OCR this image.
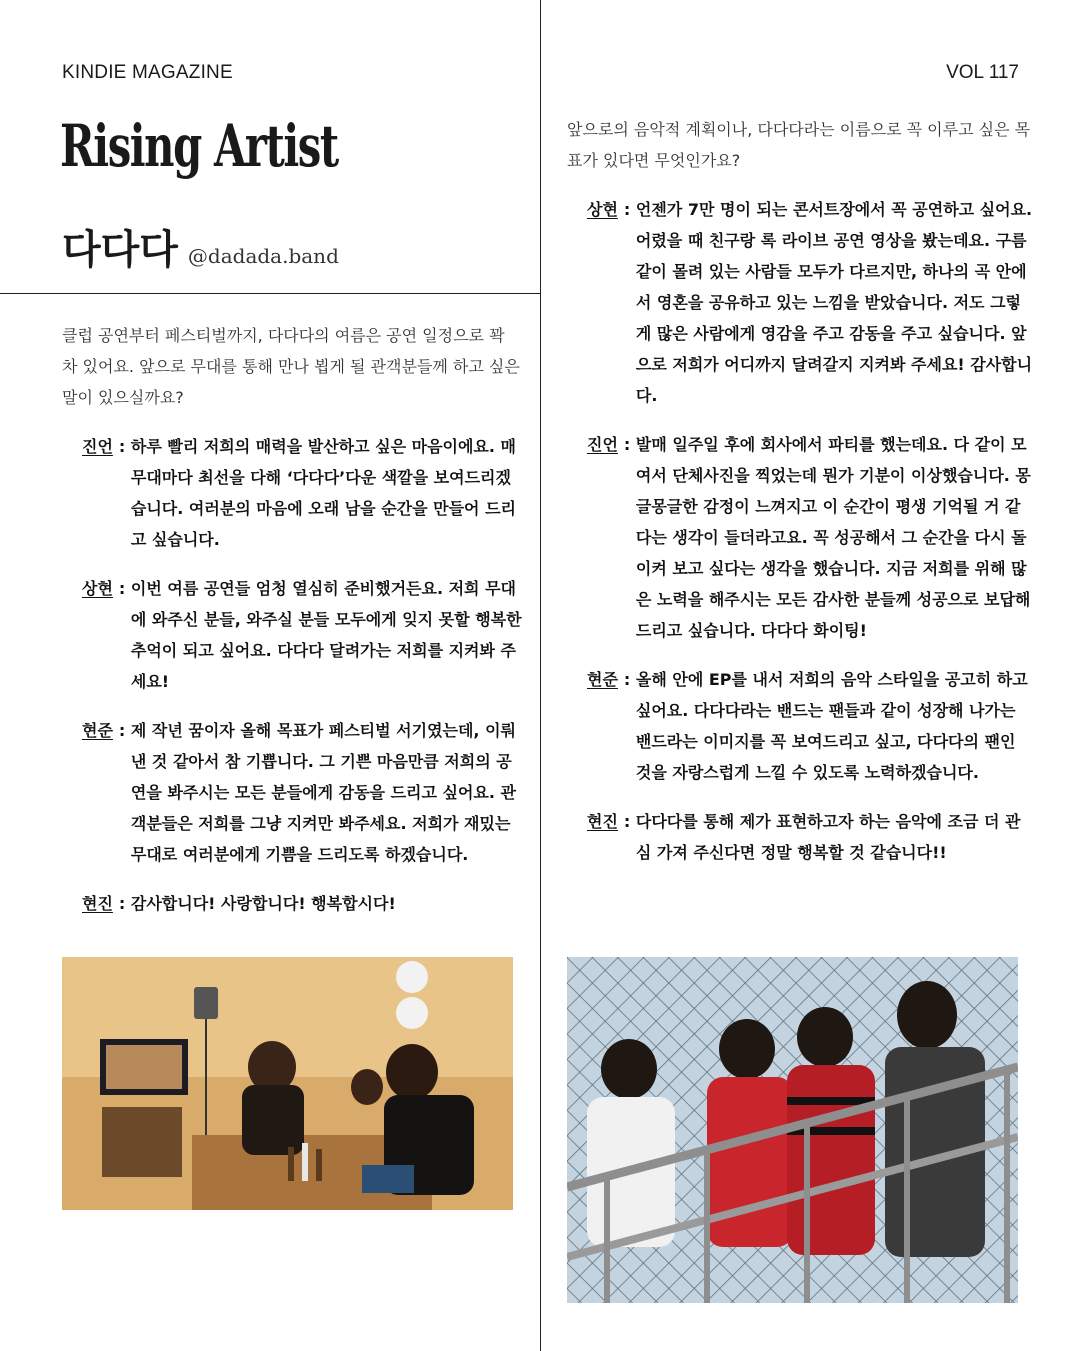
KINDIE MAGAZINE	VOL 117
Rising Artist
다다다 @dadada.band

클럽 공연부터 페스티벌까지, 다다다의 여름은 공연 일정으로 꽉 차 있어요. 앞으로 무대를 통해 만나 뵙게 될 관객분들께 하고 싶은 말이 있으실까요?

진언 : 하루 빨리 저희의 매력을 발산하고 싶은 마음이에요. 매 무대마다 최선을 다해 ‘다다다’다운 색깔을 보여드리겠습니다. 여러분의 마음에 오래 남을 순간을 만들어 드리고 싶습니다.
상현 : 이번 여름 공연들 엄청 열심히 준비했거든요. 저희 무대에 와주신 분들, 와주실 분들 모두에게 잊지 못할 행복한 추억이 되고 싶어요. 다다다 달려가는 저희를 지켜봐 주세요!
현준 : 제 작년 꿈이자 올해 목표가 페스티벌 서기였는데, 이뤄낸 것 같아서 참 기쁩니다. 그 기쁜 마음만큼 저희의 공연을 봐주시는 모든 분들에게 감동을 드리고 싶어요. 관객분들은 저희를 그냥 지켜만 봐주세요. 저희가 재밌는 무대로 여러분에게 기쁨을 드리도록 하겠습니다.
현진 : 감사합니다! 사랑합니다! 행복합시다!

앞으로의 음악적 계획이나, 다다다라는 이름으로 꼭 이루고 싶은 목표가 있다면 무엇인가요?

상현 : 언젠가 7만 명이 되는 콘서트장에서 꼭 공연하고 싶어요. 어렸을 때 친구랑 록 라이브 공연 영상을 봤는데요. 구름같이 몰려 있는 사람들 모두가 다르지만, 하나의 곡 안에서 영혼을 공유하고 있는 느낌을 받았습니다. 저도 그렇게 많은 사람에게 영감을 주고 감동을 주고 싶습니다. 앞으로 저희가 어디까지 달려갈지 지켜봐 주세요! 감사합니다.
진언 : 발매 일주일 후에 회사에서 파티를 했는데요. 다 같이 모여서 단체사진을 찍었는데 뭔가 기분이 이상했습니다. 몽글몽글한 감정이 느껴지고 이 순간이 평생 기억될 거 같다는 생각이 들더라고요. 꼭 성공해서 그 순간을 다시 돌이켜 보고 싶다는 생각을 했습니다. 지금 저희를 위해 많은 노력을 해주시는 모든 감사한 분들께 성공으로 보답해 드리고 싶습니다. 다다다 화이팅!
현준 : 올해 안에 EP를 내서 저희의 음악 스타일을 공고히 하고 싶어요. 다다다라는 밴드는 팬들과 같이 성장해 나가는 밴드라는 이미지를 꼭 보여드리고 싶고, 다다다의 팬인 것을 자랑스럽게 느낄 수 있도록 노력하겠습니다.
현진 : 다다다를 통해 제가 표현하고자 하는 음악에 조금 더 관심 가져 주신다면 정말 행복할 것 같습니다!!
